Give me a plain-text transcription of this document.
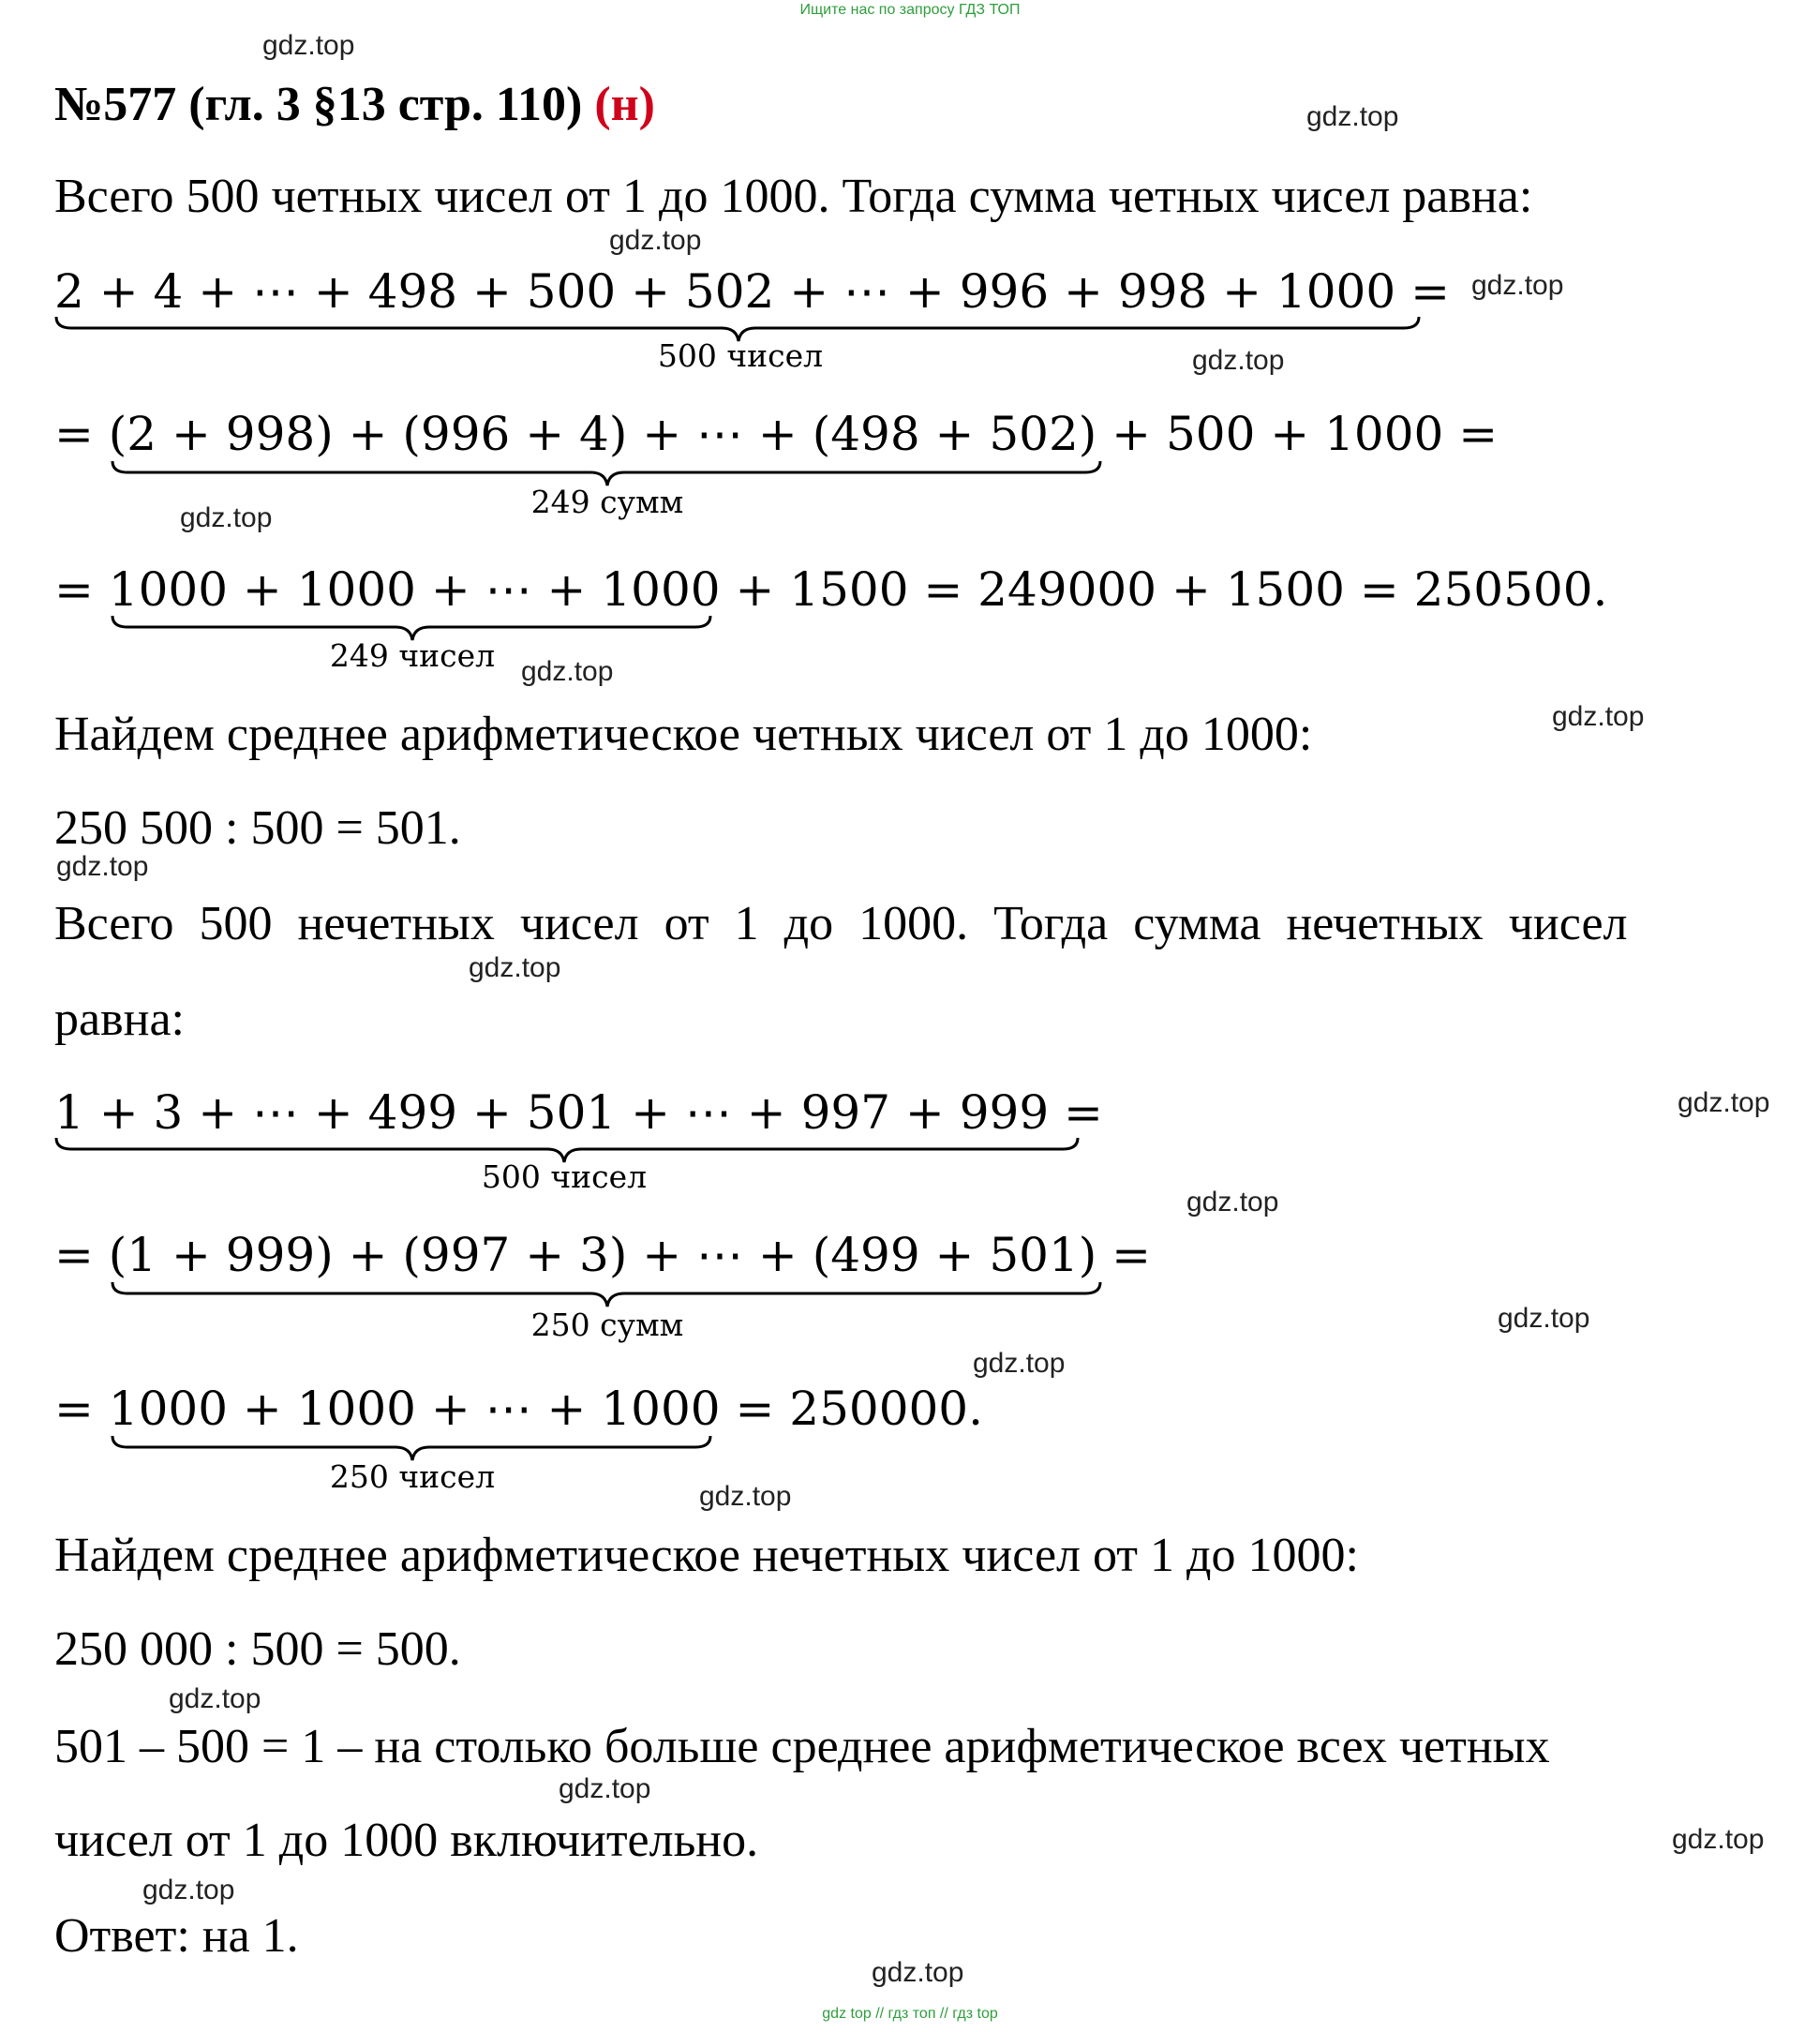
Ищите нас по запросу ГДЗ ТОП
№577 (гл. 3 §13 стр. 110) (н)
Всего 500 четных чисел от 1 до 1000. Тогда сумма четных чисел равна:
2 + 4 + ⋯ + 498 + 500 + 502 + ⋯ + 996 + 998 + 1000 =
500 чисел
= (2 + 998) + (996 + 4) + ⋯ + (498 + 502) + 500 + 1000 =
249 сумм
= 1000 + 1000 + ⋯ + 1000 + 1500 = 249000 + 1500 = 250500.
249 чисел
Найдем среднее арифметическое четных чисел от 1 до 1000:
250 500 : 500 = 501.
Всего 500 нечетных чисел от 1 до 1000. Тогда сумма нечетных чисел
равна:
1 + 3 + ⋯ + 499 + 501 + ⋯ + 997 + 999 =
500 чисел
= (1 + 999) + (997 + 3) + ⋯ + (499 + 501) =
250 сумм
= 1000 + 1000 + ⋯ + 1000 = 250000.
250 чисел
Найдем среднее арифметическое нечетных чисел от 1 до 1000:
250 000 : 500 = 500.
501 – 500 = 1 – на столько больше среднее арифметическое всех четных
чисел от 1 до 1000 включительно.
Ответ: на 1.
gdz.top
gdz.top
gdz.top
gdz.top
gdz.top
gdz.top
gdz.top
gdz.top
gdz.top
gdz.top
gdz.top
gdz.top
gdz.top
gdz.top
gdz.top
gdz.top
gdz.top
gdz.top
gdz.top
gdz.top
gdz top // гдз топ // гдз top
